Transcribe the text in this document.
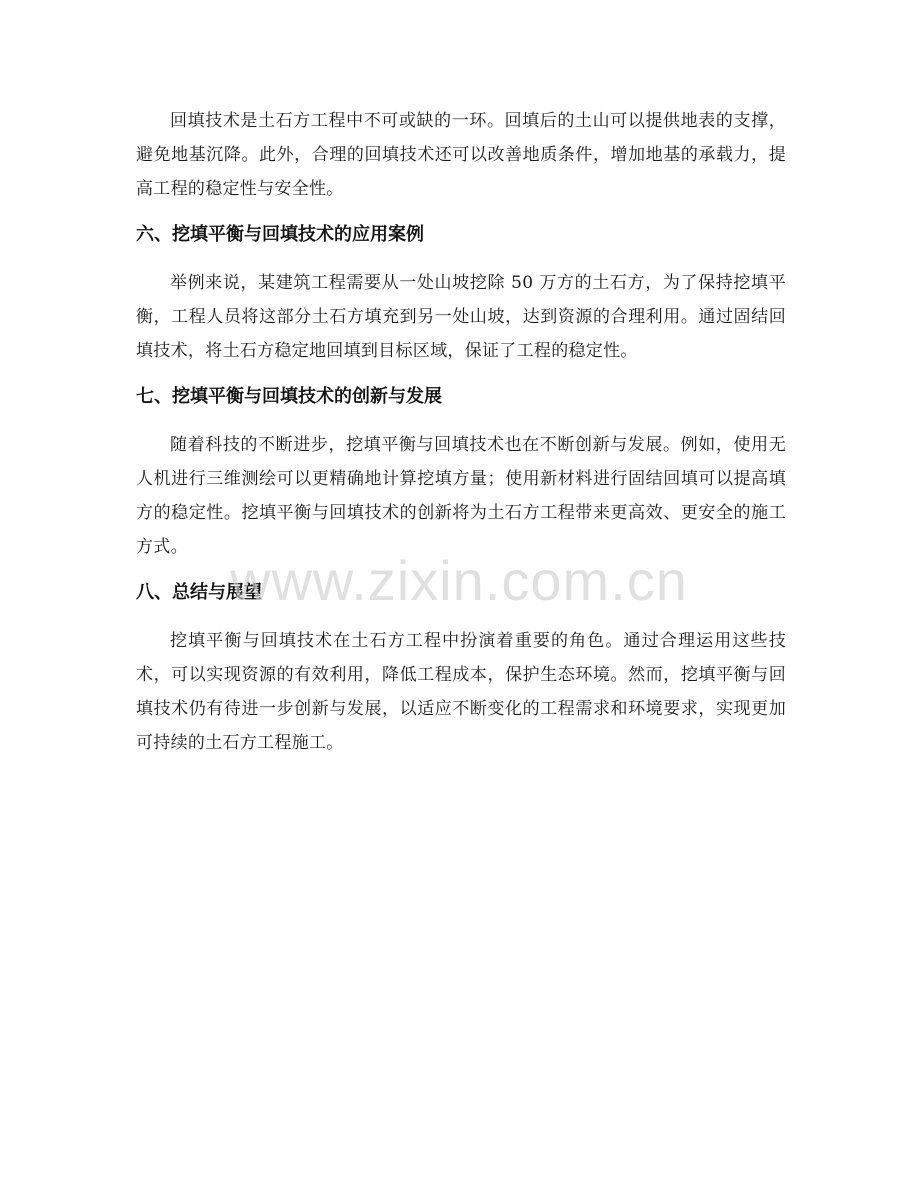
回填技术是土石方工程中不可或缺的一环。回填后的土山可以提供地表的支撑，避免地基沉降。此外，合理的回填技术还可以改善地质条件，增加地基的承载力，提高工程的稳定性与安全性。

六、挖填平衡与回填技术的应用案例

举例来说，某建筑工程需要从一处山坡挖除 50 万方的土石方，为了保持挖填平衡，工程人员将这部分土石方填充到另一处山坡，达到资源的合理利用。通过固结回填技术，将土石方稳定地回填到目标区域，保证了工程的稳定性。

七、挖填平衡与回填技术的创新与发展

随着科技的不断进步，挖填平衡与回填技术也在不断创新与发展。例如，使用无人机进行三维测绘可以更精确地计算挖填方量；使用新材料进行固结回填可以提高填方的稳定性。挖填平衡与回填技术的创新将为土石方工程带来更高效、更安全的施工方式。

八、总结与展望

挖填平衡与回填技术在土石方工程中扮演着重要的角色。通过合理运用这些技术，可以实现资源的有效利用，降低工程成本，保护生态环境。然而，挖填平衡与回填技术仍有待进一步创新与发展，以适应不断变化的工程需求和环境要求，实现更加可持续的土石方工程施工。

www.zixin.com.cn
